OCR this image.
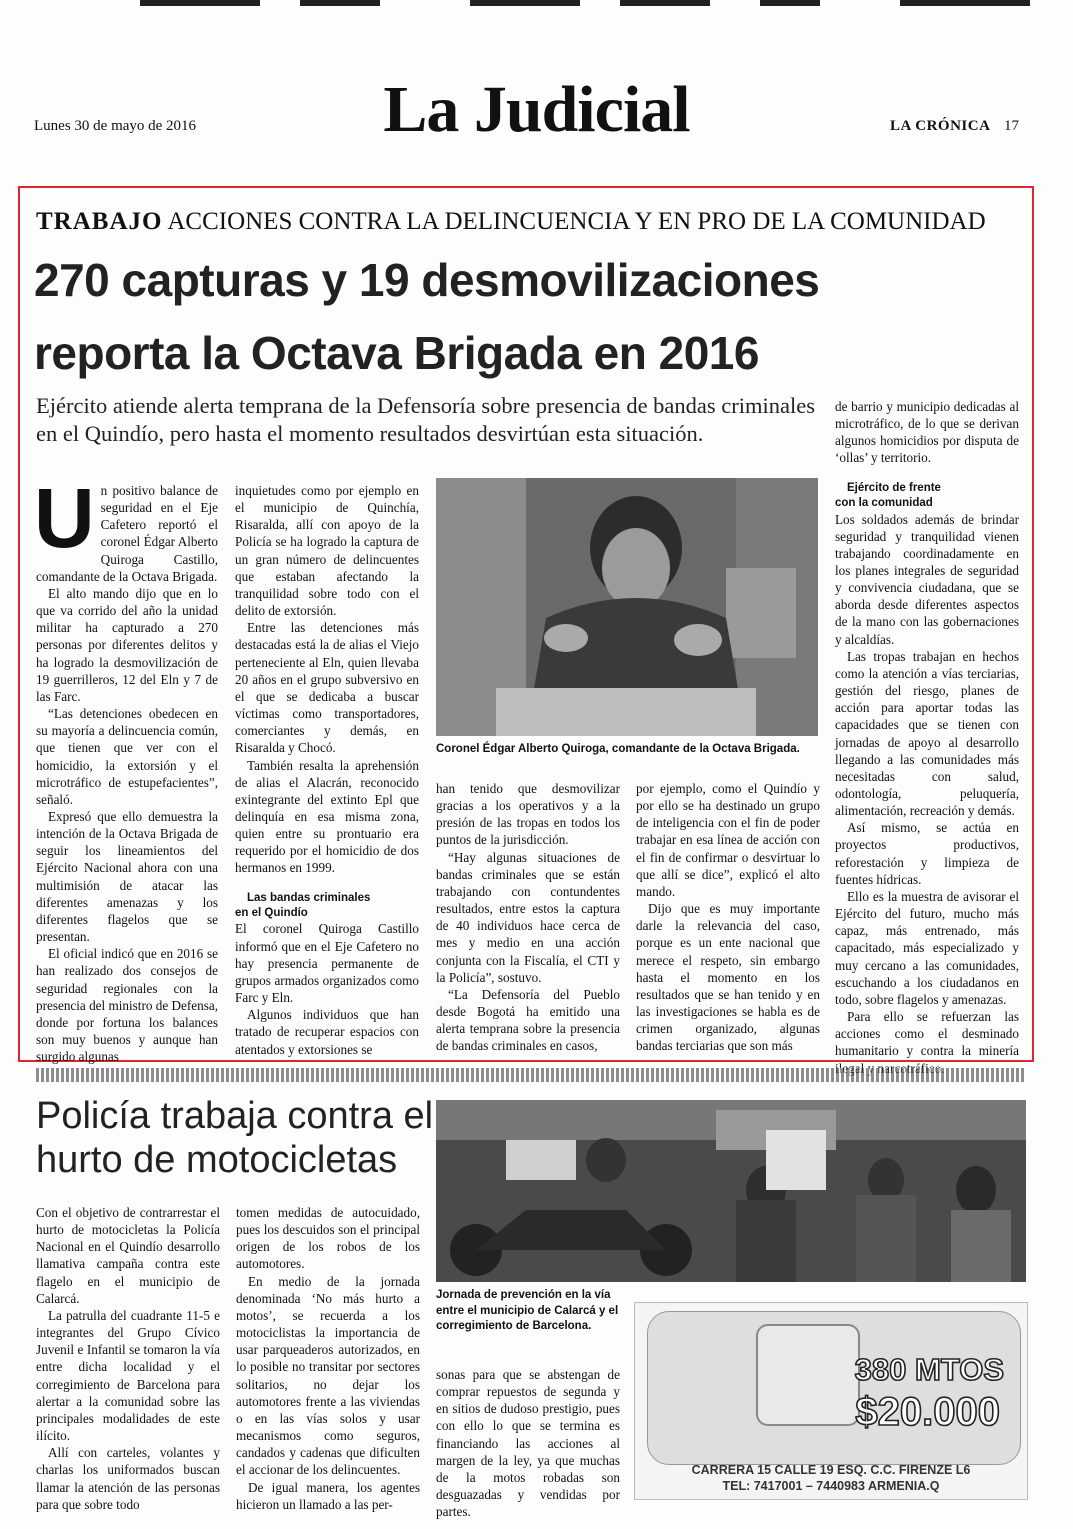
Lunes 30 de mayo de 2016	La Judicial	LA CRÓNICA 17
TRABAJO ACCIONES CONTRA LA DELINCUENCIA Y EN PRO DE LA COMUNIDAD
270 capturas y 19 desmovilizaciones
reporta la Octava Brigada en 2016
Ejército atiende alerta temprana de la Defensoría sobre presencia de bandas criminales en el Quindío, pero hasta el momento resultados desvirtúan esta situación.
U n positivo balance de seguridad en el Eje Cafetero reportó el coronel Édgar Alberto Quiroga Castillo, comandante de la Octava Brigada.

El alto mando dijo que en lo que va corrido del año la unidad militar ha capturado a 270 personas por diferentes delitos y ha logrado la desmovilización de 19 guerrilleros, 12 del Eln y 7 de las Farc.

“Las detenciones obedecen en su mayoría a delincuencia común, que tienen que ver con el homicidio, la extorsión y el microtráfico de estupefacientes”, señaló.

Expresó que ello demuestra la intención de la Octava Brigada de seguir los lineamientos del Ejército Nacional ahora con una multimisión de atacar las diferentes amenazas y los diferentes flagelos que se presentan.

El oficial indicó que en 2016 se han realizado dos consejos de seguridad regionales con la presencia del ministro de Defensa, donde por fortuna los balances son muy buenos y aunque han surgido algunas

inquietudes como por ejemplo en el municipio de Quinchía, Risaralda, allí con apoyo de la Policía se ha logrado la captura de un gran número de delincuentes que estaban afectando la tranquilidad sobre todo con el delito de extorsión.

Entre las detenciones más destacadas está la de alias el Viejo perteneciente al Eln, quien llevaba 20 años en el grupo subversivo en el que se dedicaba a buscar víctimas como transportadores, comerciantes y demás, en Risaralda y Chocó.

También resalta la aprehensión de alias el Alacrán, reconocido exintegrante del extinto Epl que delinquía en esa misma zona, quien entre su prontuario era requerido por el homicidio de dos hermanos en 1999.

Las bandas criminales
en el Quindío

El coronel Quiroga Castillo informó que en el Eje Cafetero no hay presencia permanente de grupos armados organizados como Farc y Eln.

Algunos individuos que han tratado de recuperar espacios con atentados y extorsiones se

Coronel Édgar Alberto Quiroga, comandante de la Octava Brigada.

han tenido que desmovilizar gracias a los operativos y a la presión de las tropas en todos los puntos de la jurisdicción.

“Hay algunas situaciones de bandas criminales que se están trabajando con contundentes resultados, entre estos la captura de 40 individuos hace cerca de mes y medio en una acción conjunta con la Fiscalía, el CTI y la Policía”, sostuvo.

“La Defensoría del Pueblo desde Bogotá ha emitido una alerta temprana sobre la presencia de bandas criminales en casos,

por ejemplo, como el Quindío y por ello se ha destinado un grupo de inteligencia con el fin de poder trabajar en esa línea de acción con el fin de confirmar o desvirtuar lo que allí se dice”, explicó el alto mando.

Dijo que es muy importante darle la relevancia del caso, porque es un ente nacional que merece el respeto, sin embargo hasta el momento en los resultados que se han tenido y en las investigaciones se habla es de crimen organizado, algunas bandas terciarias que son más

de barrio y municipio dedicadas al microtráfico, de lo que se derivan algunos homicidios por disputa de ‘ollas’ y territorio.

Ejército de frente
con la comunidad

Los soldados además de brindar seguridad y tranquilidad vienen trabajando coordinadamente en los planes integrales de seguridad y convivencia ciudadana, que se aborda desde diferentes aspectos de la mano con las gobernaciones y alcaldías.

Las tropas trabajan en hechos como la atención a vías terciarias, gestión del riesgo, planes de acción para aportar todas las capacidades que se tienen con jornadas de apoyo al desarrollo llegando a las comunidades más necesitadas con salud, odontología, peluquería, alimentación, recreación y demás.

Así mismo, se actúa en proyectos productivos, reforestación y limpieza de fuentes hídricas.

Ello es la muestra de avisorar el Ejército del futuro, mucho más capaz, más entrenado, más capacitado, más especializado y muy cercano a las comunidades, escuchando a los ciudadanos en todo, sobre flagelos y amenazas.

Para ello se refuerzan las acciones como el desminado humanitario y contra la minería

Policía trabaja contra el hurto de motocicletas

Con el objetivo de contrarrestar el hurto de motocicletas la Policía Nacional en el Quindío desarrollo llamativa campaña contra este flagelo en el municipio de Calarcá.

La patrulla del cuadrante 11-5 e integrantes del Grupo Cívico Juvenil e Infantil se tomaron la vía entre dicha localidad y el corregimiento de Barcelona para alertar a la comunidad sobre las principales modalidades de este ilícito.

Allí con carteles, volantes y charlas los uniformados buscan llamar la atención de las personas para que sobre todo

tomen medidas de autocuidado, pues los descuidos son el principal origen de los robos de los automotores.

En medio de la jornada denominada ‘No más hurto a motos’, se recuerda a los motociclistas la importancia de usar parqueaderos autorizados, en lo posible no transitar por sectores solitarios, no dejar los automotores frente a las viviendas o en las vías solos y usar mecanismos como seguros, candados y cadenas que dificulten el accionar de los delincuentes.

De igual manera, los agentes hicieron un llamado a las per-

Jornada de prevención en la vía entre el municipio de Calarcá y el corregimiento de Barcelona.

sonas para que se abstengan de comprar repuestos de segunda y en sitios de dudoso prestigio, pues con ello lo que se termina es financiando las acciones al margen de la ley, ya que muchas de la motos robadas son desguazadas y vendidas por partes.

380 MTOS
$20.000
CARRERA 15 CALLE 19 ESQ. C.C. FIRENZE L6
TEL: 7417001 – 7440983 ARMENIA.Q
